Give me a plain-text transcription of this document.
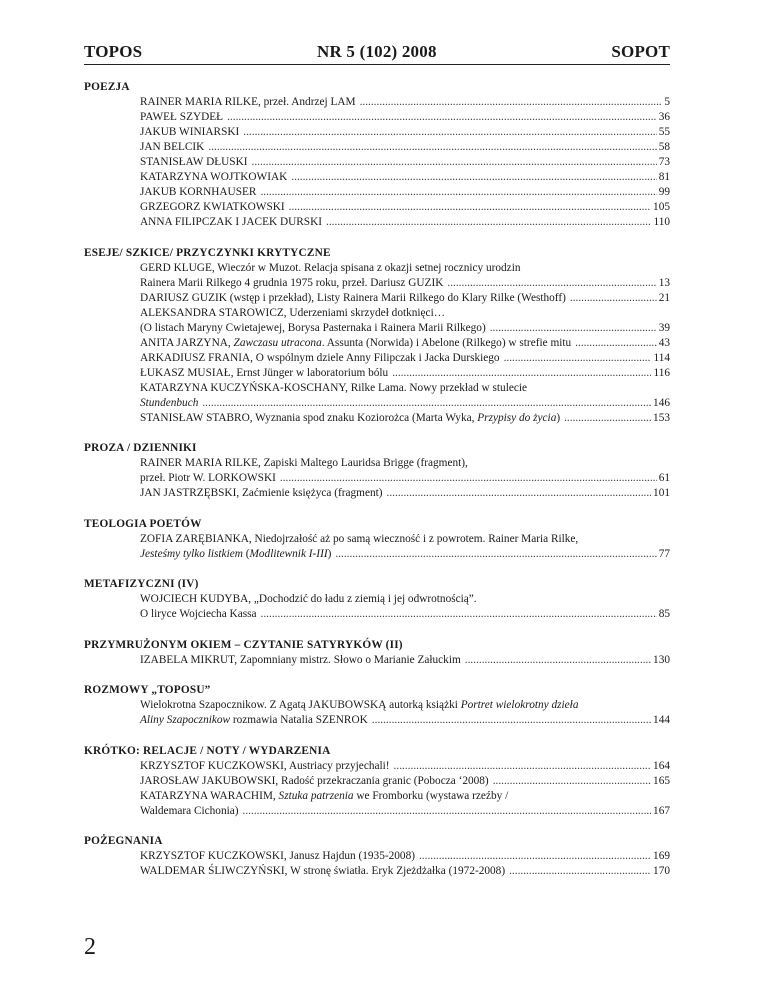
TOPOS	NR 5 (102) 2008	SOPOT
POEZJA
RAINER MARIA RILKE, przeł. Andrzej LAM .....	5
PAWEŁ SZYDEŁ .....	36
JAKUB WINIARSKI .....	55
JAN BELCIK .....	58
STANISŁAW DŁUSKI .....	73
KATARZYNA WOJTKOWIAK .....	81
JAKUB KORNHAUSER .....	99
GRZEGORZ KWIATKOWSKI .....	105
ANNA FILIPCZAK I JACEK DURSKI .....	110
ESEJE/ SZKICE/ PRZYCZYNKI KRYTYCZNE
GERD KLUGE, Wieczór w Muzot. Relacja spisana z okazji setnej rocznicy urodzin
Rainera Marii Rilkego 4 grudnia 1975 roku, przeł. Dariusz GUZIK .....	13
DARIUSZ GUZIK (wstęp i przekład), Listy Rainera Marii Rilkego do Klary Rilke (Westhoff) .....	21
ALEKSANDRA STAROWICZ, Uderzeniami skrzydeł dotknięci…
(O listach Maryny Cwietajewej, Borysa Pasternaka i Rainera Marii Rilkego) .....	39
ANITA JARZYNA, Zawczasu utracona. Assunta (Norwida) i Abelone (Rilkego) w strefie mitu .....	43
ARKADIUSZ FRANIA, O wspólnym dziele Anny Filipczak i Jacka Durskiego .....	114
ŁUKASZ MUSIAŁ, Ernst Jünger w laboratorium bólu .....	116
KATARZYNA KUCZYŃSKA-KOSCHANY, Rilke Lama. Nowy przekład w stulecie
Stundenbuch .....	146
STANISŁAW STABRO, Wyznania spod znaku Koziorożca (Marta Wyka, Przypisy do życia) .....	153
PROZA / DZIENNIKI
RAINER MARIA RILKE, Zapiski Maltego Lauridsa Brigge (fragment),
przeł. Piotr W. LORKOWSKI .....	61
JAN JASTRZĘBSKI, Zaćmienie księżyca (fragment) .....	101
TEOLOGIA POETÓW
ZOFIA ZARĘBIANKA, Niedojrzałość aż po samą wieczność i z powrotem. Rainer Maria Rilke,
Jesteśmy tylko listkiem (Modlitewnik I-III) .....	77
METAFIZYCZNI (IV)
WOJCIECH KUDYBA, „Dochodzić do ładu z ziemią i jej odwrotnością”.
O liryce Wojciecha Kassa .....	85
PRZYMRUŻONYM OKIEM – CZYTANIE SATYRYKÓW (II)
IZABELA MIKRUT, Zapomniany mistrz. Słowo o Marianie Załuckim .....	130
ROZMOWY „TOPOSU”
Wielokrotna Szapocznikow. Z Agatą JAKUBOWSKĄ autorką książki Portret wielokrotny dzieła
Aliny Szapocznikow rozmawia Natalia SZENROK .....	144
KRÓTKO: RELACJE / NOTY / WYDARZENIA
KRZYSZTOF KUCZKOWSKI, Austriacy przyjechali! .....	164
JAROSŁAW JAKUBOWSKI, Radość przekraczania granic (Pobocza ‘2008) .....	165
KATARZYNA WARACHIM, Sztuka patrzenia we Fromborku (wystawa rzeźby /
Waldemara Cichonia) .....	167
POŻEGNANIA
KRZYSZTOF KUCZKOWSKI, Janusz Hajdun (1935-2008) .....	169
WALDEMAR ŚLIWCZYŃSKI, W stronę światła. Eryk Zjeżdżałka (1972-2008) .....	170
2
